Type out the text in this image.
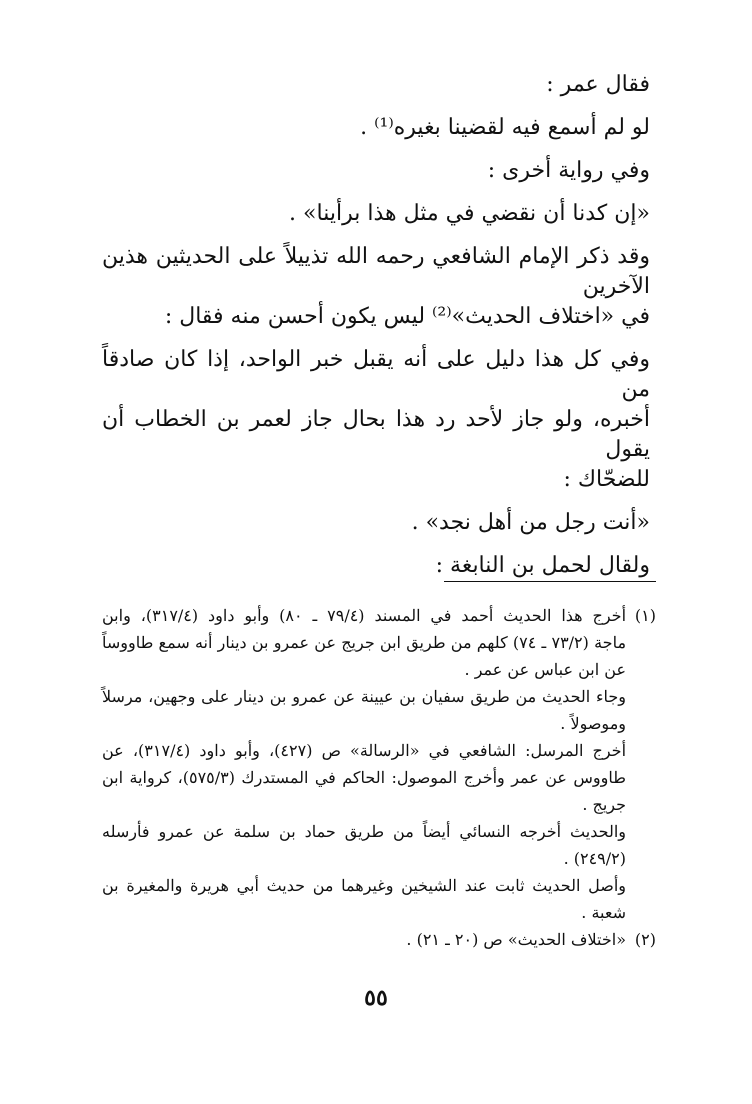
فقال عمر :

لو لم أسمع فيه لقضينا بغيره⁽¹⁾ .

وفي رواية أخرى :

«إن كدنا أن نقضي في مثل هذا برأينا» .

وقد ذكر الإمام الشافعي رحمه الله تذييلاً على الحديثين هذين الآخرين

في «اختلاف الحديث»⁽²⁾ ليس يكون أحسن منه فقال :

وفي كل هذا دليل على أنه يقبل خبر الواحد، إذا كان صادقاً من

أخبره، ولو جاز لأحد رد هذا بحال جاز لعمر بن الخطاب أن يقول

للضحّاك :

«أنت رجل من أهل نجد» .

ولقال لحمل بن النابغة :

(١)أخرج هذا الحديث أحمد في المسند (٧٩/٤ ـ ٨٠) وأبو داود (٣١٧/٤)، وابن

ماجة (٧٣/٢ ـ ٧٤) كلهم من طريق ابن جريج عن عمرو بن دينار أنه سمع طاووساً

عن ابن عباس عن عمر .

وجاء الحديث من طريق سفيان بن عيينة عن عمرو بن دينار على وجهين، مرسلاً

وموصولاً .

أخرج المرسل: الشافعي في «الرسالة» ص (٤٢٧)، وأبو داود (٣١٧/٤)، عن

طاووس عن عمر وأخرج الموصول: الحاكم في المستدرك (٥٧٥/٣)، كرواية ابن

جريج .

والحديث أخرجه النسائي أيضاً من طريق حماد بن سلمة عن عمرو فأرسله

(٢٤٩/٢) .

وأصل الحديث ثابت عند الشيخين وغيرهما من حديث أبي هريرة والمغيرة بن

شعبة .

(٢)«اختلاف الحديث» ص (٢٠ ـ ٢١) .

٥٥
